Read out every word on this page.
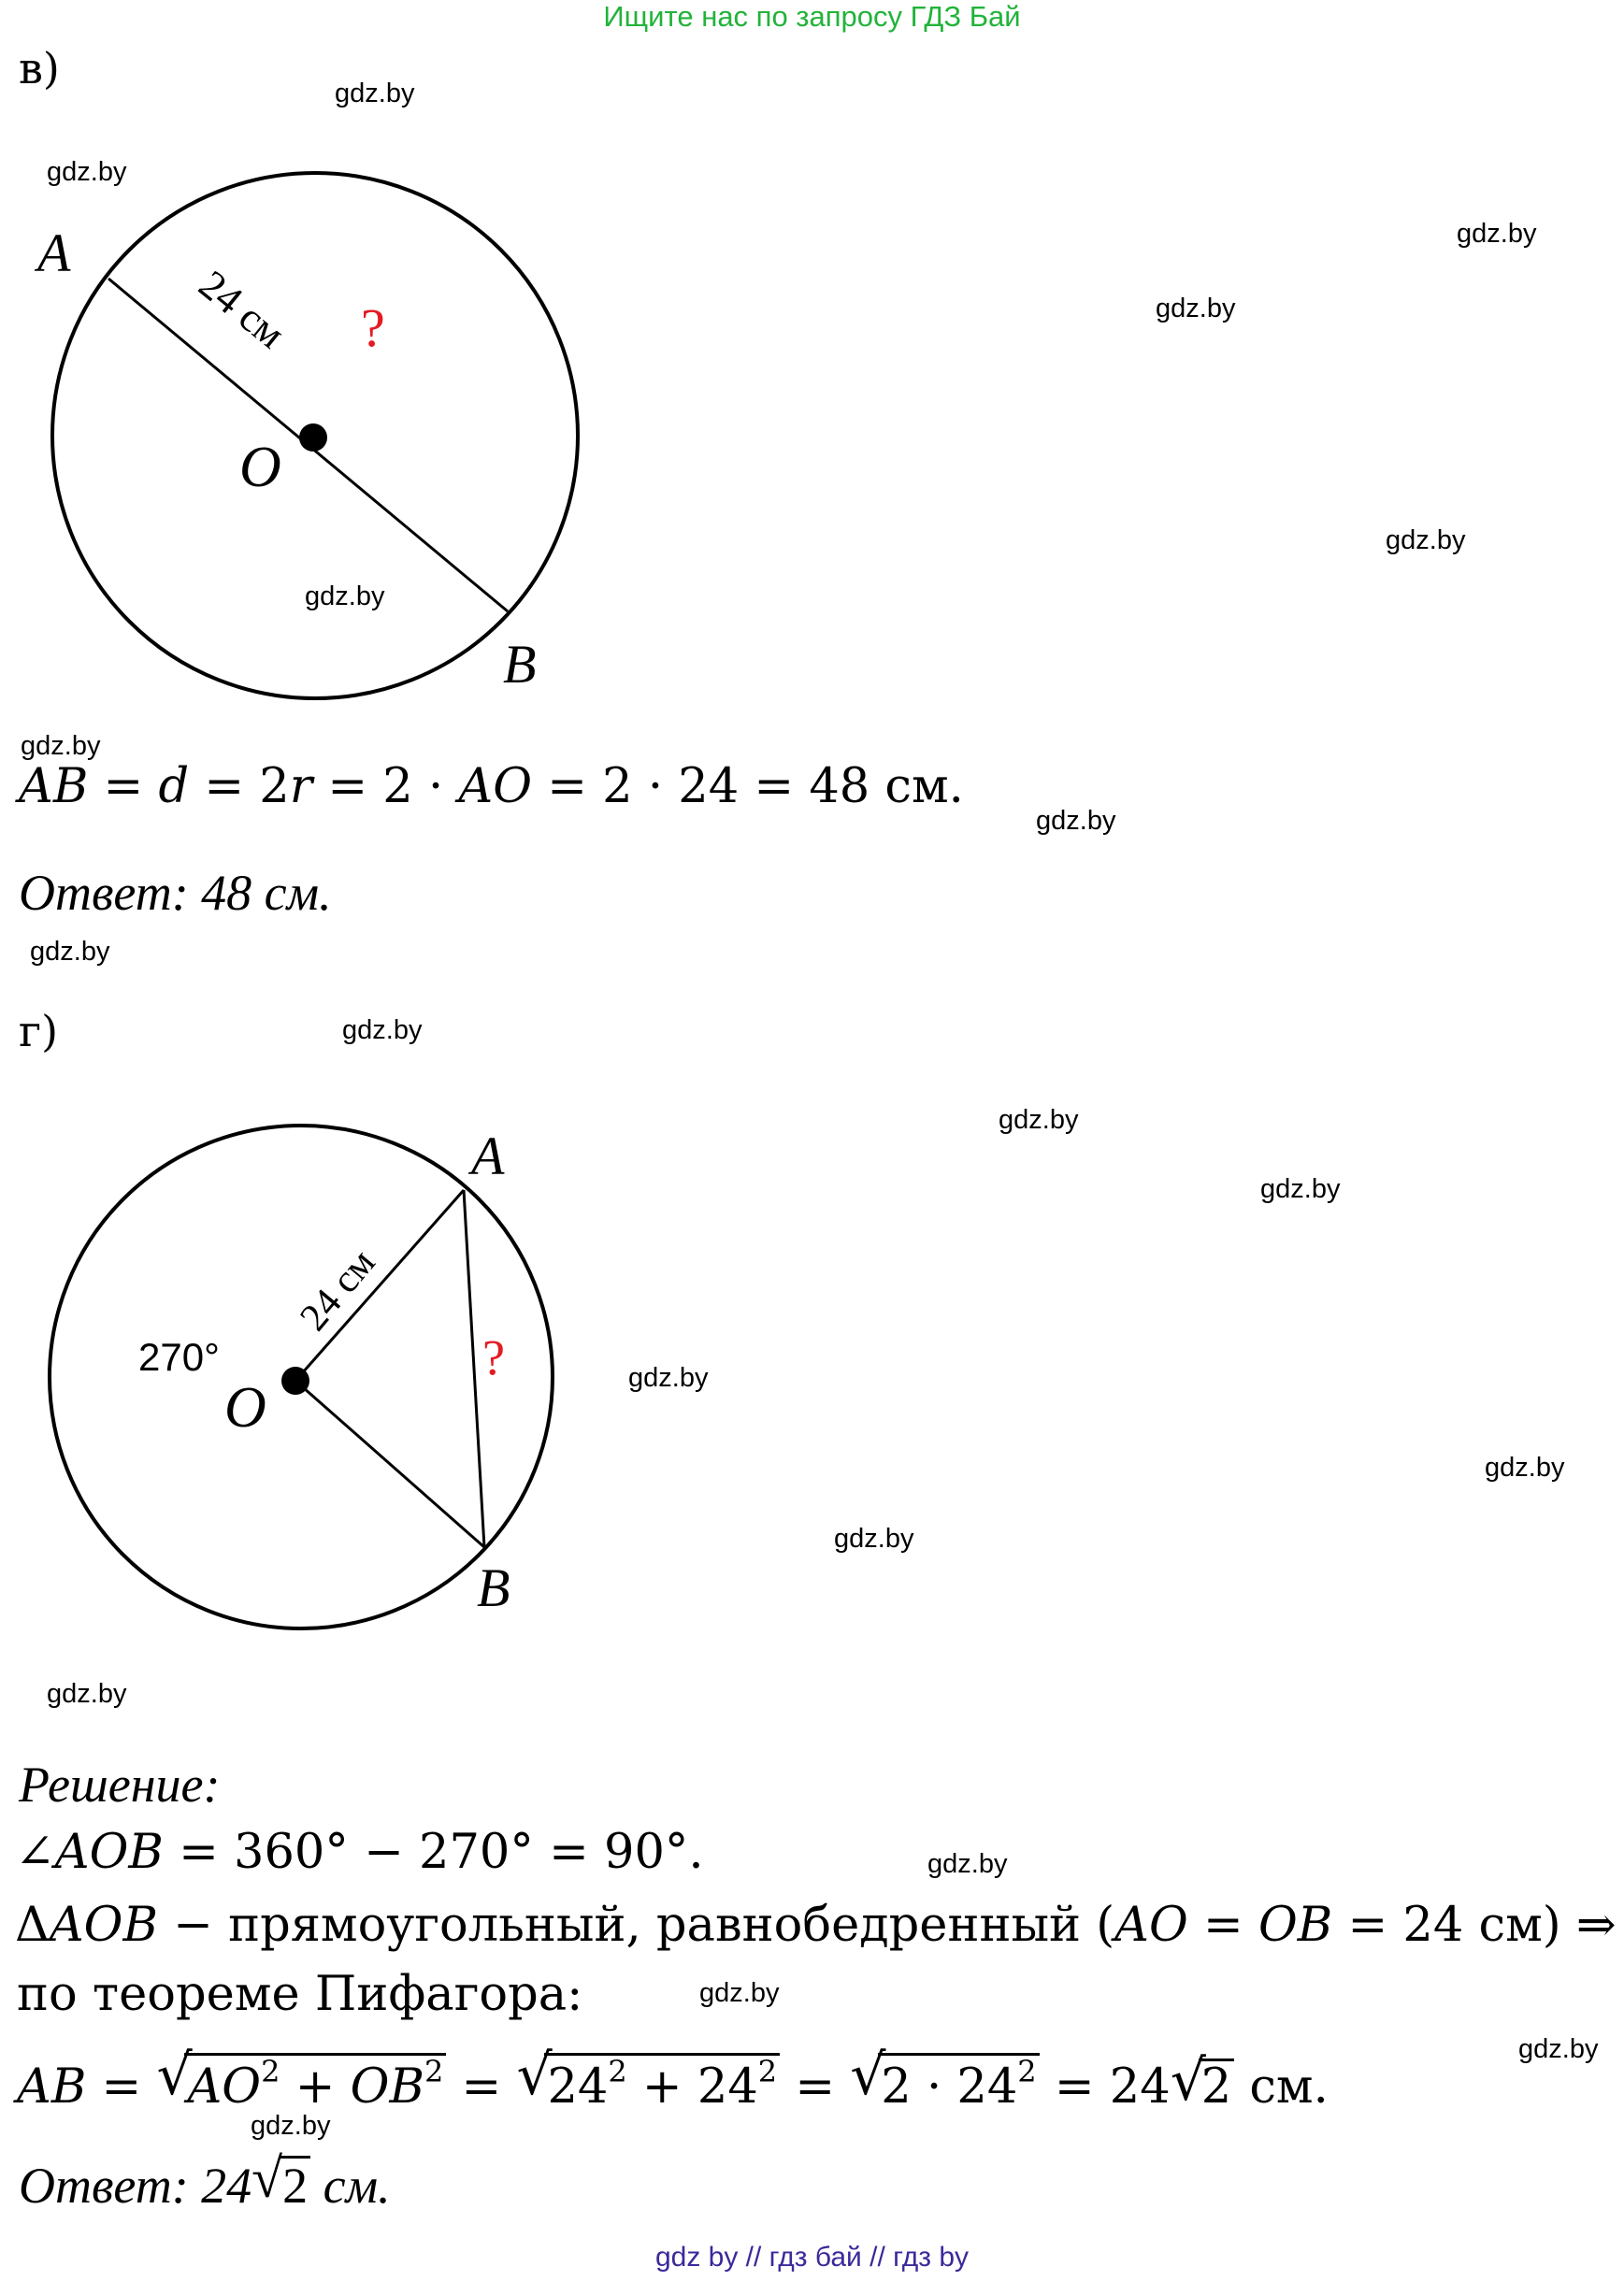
Ищите нас по запросу ГДЗ Бай
gdz.by
gdz.by
gdz.by
gdz.by
gdz.by
gdz.by
gdz.by
gdz.by
gdz.by
gdz.by
gdz.by
gdz.by
gdz.by
gdz.by
gdz.by
gdz.by
gdz.by
gdz.by
gdz.by
gdz.by
в)
A
B
O
24 см ?
AB = d = 2r = 2 · AO = 2 · 24 = 48 см.
Ответ: 48 см.
г)
A
B
O
270°
24 см
?
Решение:
∠AOB = 360° − 270° = 90°.
ΔAOB − прямоугольный, равнобедренный (AO = OB = 24 см) ⇒
по теореме Пифагора:
AB = √
$AO^2 + OB^2$ = √
$24^2 + 24^2$ = √
$2 \cdot 24^2 = 24$ √
2 см.
Ответ: 24 √ 2 см.
gdz by // гдз бай // гдз by
